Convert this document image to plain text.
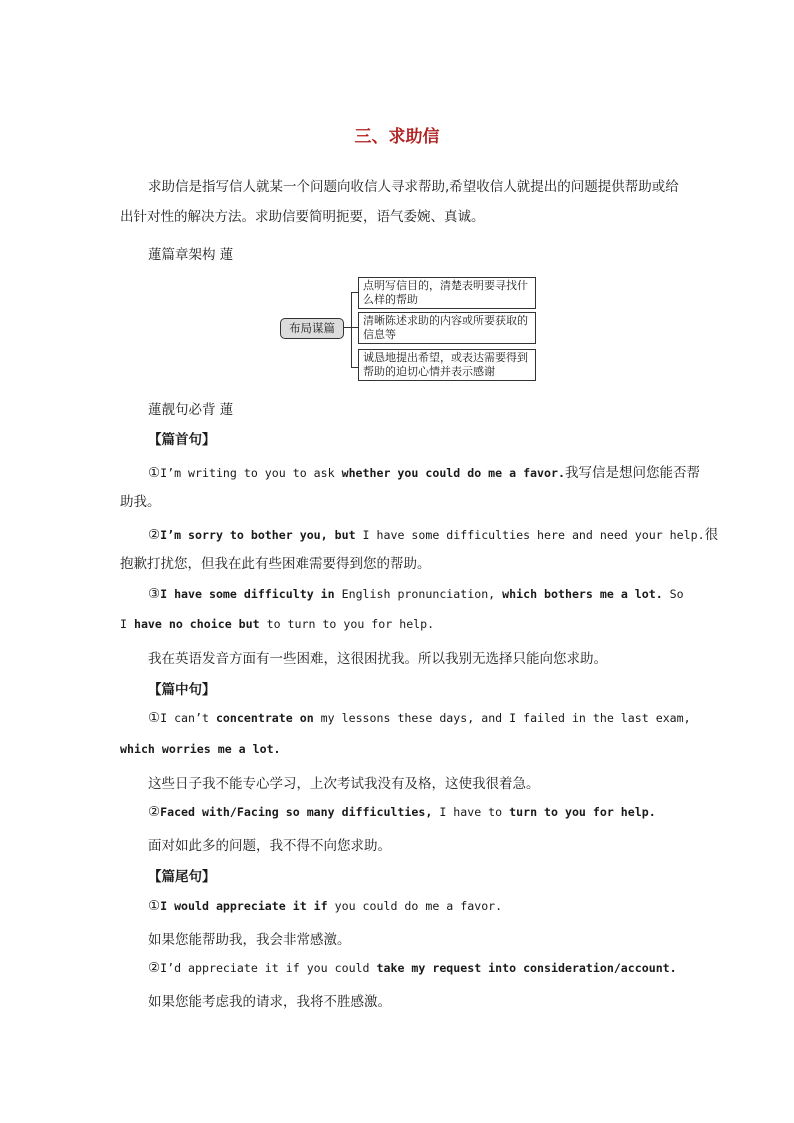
三、求助信
求助信是指写信人就某一个问题向收信人寻求帮助,希望收信人就提出的问题提供帮助或给出针对性的解决方法。求助信要简明扼要，语气委婉、真诚。
蓮篇章架构 蓮
布局谋篇
点明写信目的，清楚表明要寻找什么样的帮助
清晰陈述求助的内容或所要获取的信息等
诚恳地提出希望，或表达需要得到帮助的迫切心情并表示感谢
蓮靓句必背 蓮
【篇首句】
①I’m writing to you to ask whether you could do me a favor.我写信是想问您能否帮
助我。
②I’m sorry to bother you, but I have some difficulties here and need your help.很
抱歉打扰您，但我在此有些困难需要得到您的帮助。
③I have some difficulty in English pronunciation, which bothers me a lot. So
I have no choice but to turn to you for help.
我在英语发音方面有一些困难，这很困扰我。所以我别无选择只能向您求助。
【篇中句】
①I can’t concentrate on my lessons these days, and I failed in the last exam,
which worries me a lot.
这些日子我不能专心学习，上次考试我没有及格，这使我很着急。
②Faced with/Facing so many difficulties, I have to turn to you for help.
面对如此多的问题，我不得不向您求助。
【篇尾句】
①I would appreciate it if you could do me a favor.
如果您能帮助我，我会非常感激。
②I’d appreciate it if you could take my request into consideration/account.
如果您能考虑我的请求，我将不胜感激。
